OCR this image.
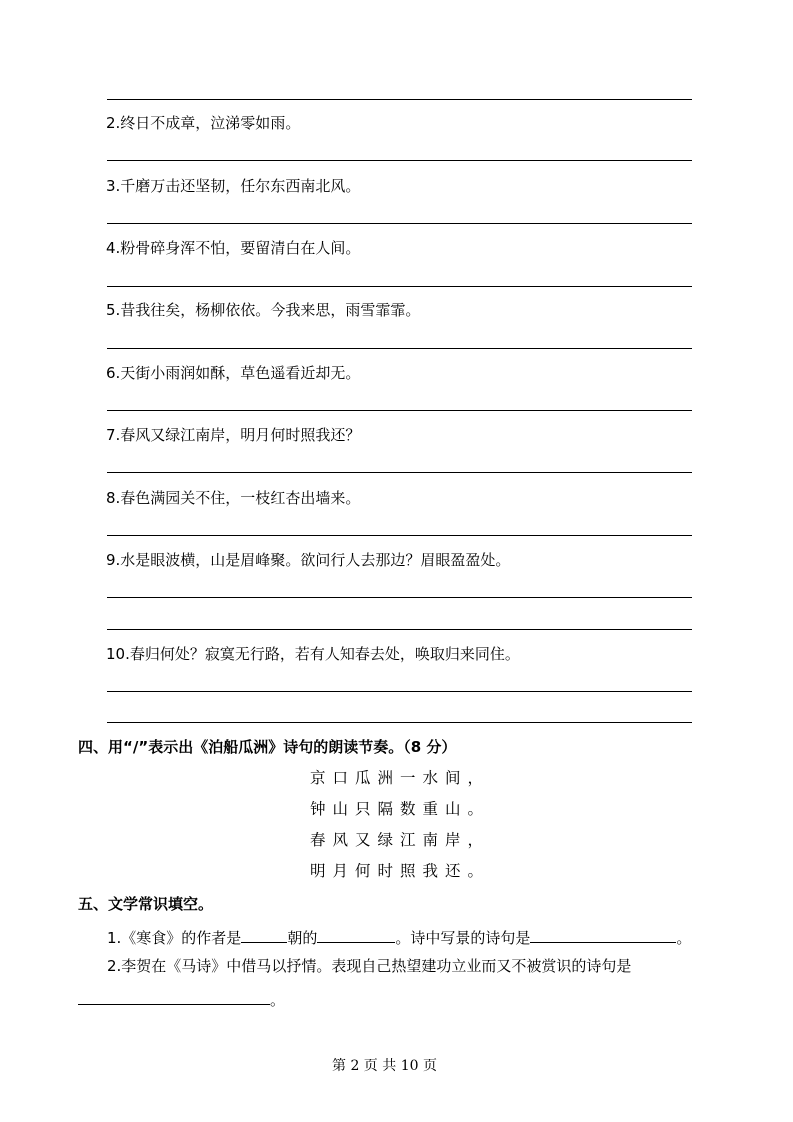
2.终日不成章，泣涕零如雨。
3.千磨万击还坚韧，任尔东西南北风。
4.粉骨碎身浑不怕，要留清白在人间。
5.昔我往矣，杨柳依依。今我来思，雨雪霏霏。
6.天街小雨润如酥，草色遥看近却无。
7.春风又绿江南岸，明月何时照我还？
8.春色满园关不住，一枝红杏出墙来。
9.水是眼波横，山是眉峰聚。欲问行人去那边？眉眼盈盈处。
10.春归何处？寂寞无行路，若有人知春去处，唤取归来同住。
四、用“/”表示出《泊船瓜洲》诗句的朗读节奏。（8 分）
京口瓜洲一水间，
钟山只隔数重山。
春风又绿江南岸，
明月何时照我还。
五、文学常识填空。
1.《寒食》的作者是	朝的	。诗中写景的诗句是	。
2.李贺在《马诗》中借马以抒情。表现自己热望建功立业而又不被赏识的诗句是
。
第 2 页 共 10 页
